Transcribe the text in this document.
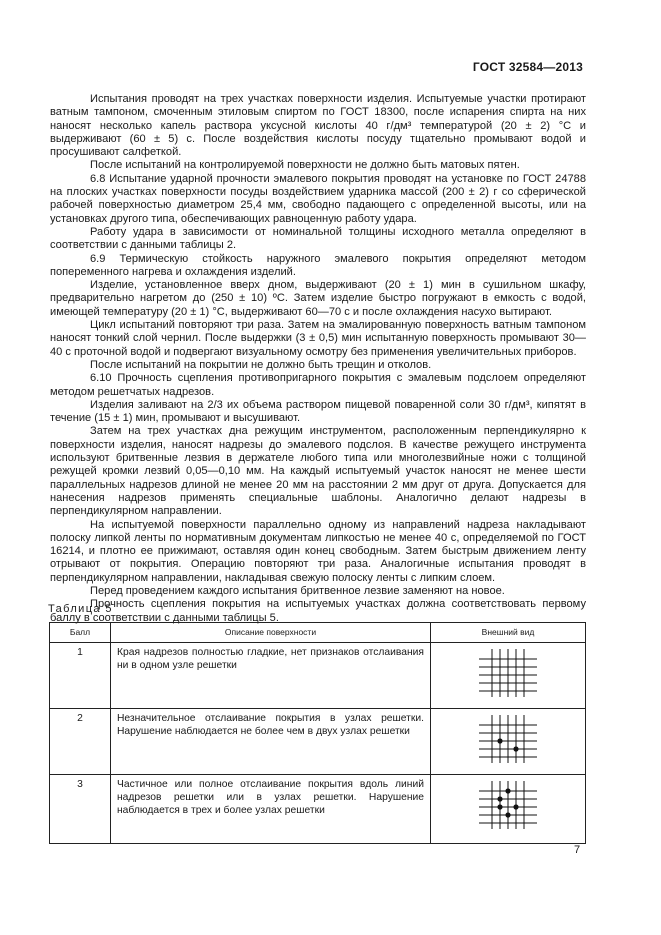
ГОСТ 32584—2013

Испытания проводят на трех участках поверхности изделия. Испытуемые участки протирают ватным тампоном, смоченным этиловым спиртом по ГОСТ 18300, после испарения спирта на них наносят несколько капель раствора уксусной кислоты 40 г/дм³ температурой (20 ± 2) °С и выдерживают (60 ± 5) с. После воздействия кислоты посуду тщательно промывают водой и просушивают салфеткой.

После испытаний на контролируемой поверхности не должно быть матовых пятен.

6.8 Испытание ударной прочности эмалевого покрытия проводят на установке по ГОСТ 24788 на плоских участках поверхности посуды воздействием ударника массой (200 ± 2) г со сферической рабочей поверхностью диаметром 25,4 мм, свободно падающего с определенной высоты, или на установках другого типа, обеспечивающих равноценную работу удара.

Работу удара в зависимости от номинальной толщины исходного металла определяют в соответствии с данными таблицы 2.

6.9 Термическую стойкость наружного эмалевого покрытия определяют методом попеременного нагрева и охлаждения изделий.

Изделие, установленное вверх дном, выдерживают (20 ± 1) мин в сушильном шкафу, предварительно нагретом до (250 ± 10) ºС. Затем изделие быстро погружают в емкость с водой, имеющей температуру (20 ± 1) °С, выдерживают 60—70 с и после охлаждения насухо вытирают.

Цикл испытаний повторяют три раза. Затем на эмалированную поверхность ватным тампоном наносят тонкий слой чернил. После выдержки (3 ± 0,5) мин испытанную поверхность промывают 30—40 с проточной водой и подвергают визуальному осмотру без применения увеличительных приборов.

После испытаний на покрытии не должно быть трещин и отколов.

6.10 Прочность сцепления противопригарного покрытия с эмалевым подслоем определяют методом решетчатых надрезов.

Изделия заливают на 2/3 их объема раствором пищевой поваренной соли 30 г/дм³, кипятят в течение (15 ± 1) мин, промывают и высушивают.

Затем на трех участках дна режущим инструментом, расположенным перпендикулярно к поверхности изделия, наносят надрезы до эмалевого подслоя. В качестве режущего инструмента используют бритвенные лезвия в держателе любого типа или многолезвийные ножи с толщиной режущей кромки лезвий 0,05—0,10 мм. На каждый испытуемый участок наносят не менее шести параллельных надрезов длиной не менее 20 мм на расстоянии 2 мм друг от друга. Допускается для нанесения надрезов применять специальные шаблоны. Аналогично делают надрезы в перпендикулярном направлении.

На испытуемой поверхности параллельно одному из направлений надреза накладывают полоску липкой ленты по нормативным документам липкостью не менее 40 с, определяемой по ГОСТ 16214, и плотно ее прижимают, оставляя один конец свободным. Затем быстрым движением ленту отрывают от покрытия. Операцию повторяют три раза. Аналогичные испытания проводят в перпендикулярном направлении, накладывая свежую полоску ленты с липким слоем.

Перед проведением каждого испытания бритвенное лезвие заменяют на новое.

Прочность сцепления покрытия на испытуемых участках должна соответствовать первому баллу в соответствии с данными таблицы 5.

Таблица 5
Балл	Описание поверхности	Внешний вид
1	Края надрезов полностью гладкие, нет признаков отслаивания ни в одном узле решетки	

2	Незначительное отслаивание покрытия в узлах решетки. Нарушение наблюдается не более чем в двух узлах решетки	

3	Частичное или полное отслаивание покрытия вдоль линий надрезов решетки или в узлах решетки. Нарушение наблюдается в трех и более узлах решетки	
7
